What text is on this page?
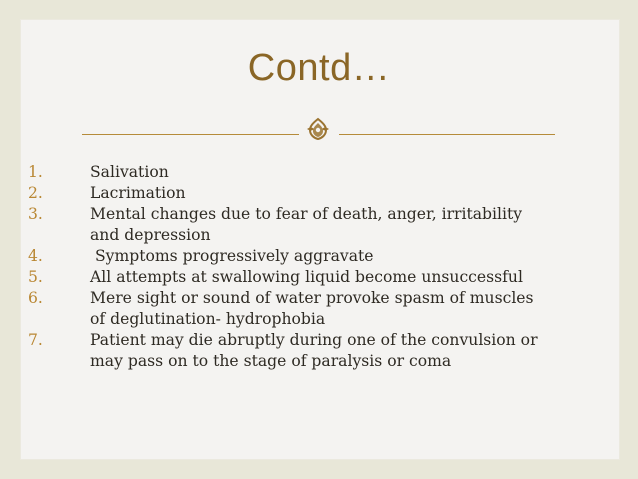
Contd…
1.	Salivation
2.	Lacrimation
3.	Mental changes due to fear of death, anger, irritability
and depression
4.	Symptoms progressively aggravate
5.	All attempts at swallowing liquid become unsuccessful
6.	Mere sight or sound of water provoke spasm of muscles
of deglutination- hydrophobia
7.	Patient may die abruptly during one of the convulsion or
may pass on to the stage of paralysis or coma
